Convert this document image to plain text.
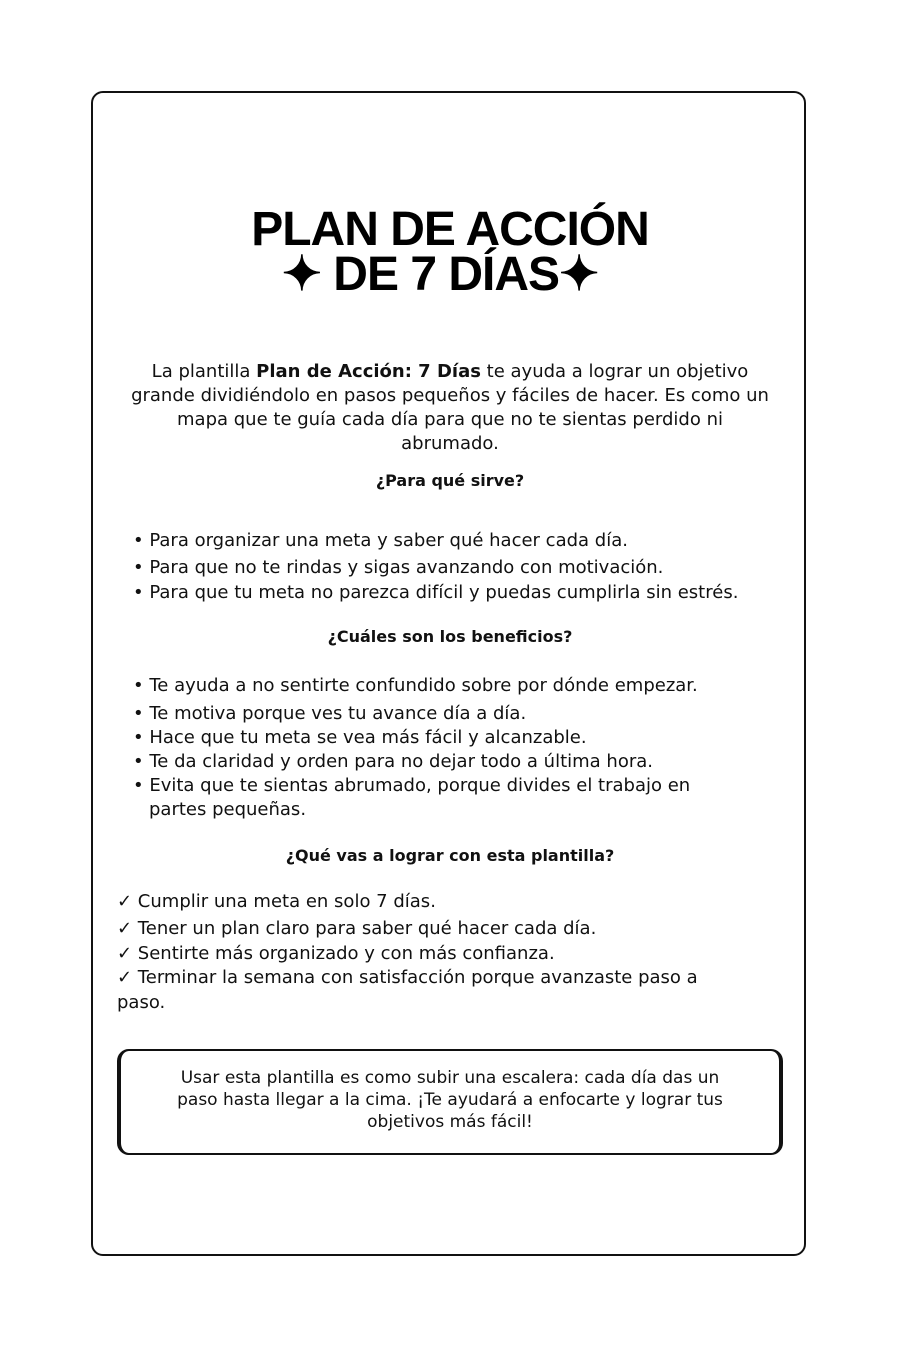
PLAN DE ACCIÓN
✦ DE 7 DÍAS✦
La plantilla Plan de Acción: 7 Días te ayuda a lograr un objetivo
grande dividiéndolo en pasos pequeños y fáciles de hacer. Es como un
mapa que te guía cada día para que no te sientas perdido ni
abrumado.
¿Para qué sirve?
• Para organizar una meta y saber qué hacer cada día.
• Para que no te rindas y sigas avanzando con motivación.
• Para que tu meta no parezca difícil y puedas cumplirla sin estrés.
¿Cuáles son los beneficios?
• Te ayuda a no sentirte confundido sobre por dónde empezar.
• Te motiva porque ves tu avance día a día.
• Hace que tu meta se vea más fácil y alcanzable.
• Te da claridad y orden para no dejar todo a última hora.
• Evita que te sientas abrumado, porque divides el trabajo en
partes pequeñas.
¿Qué vas a lograr con esta plantilla?
✓ Cumplir una meta en solo 7 días.
✓ Tener un plan claro para saber qué hacer cada día.
✓ Sentirte más organizado y con más confianza.
✓ Terminar la semana con satisfacción porque avanzaste paso a
paso.
Usar esta plantilla es como subir una escalera: cada día das un
paso hasta llegar a la cima. ¡Te ayudará a enfocarte y lograr tus
objetivos más fácil!
